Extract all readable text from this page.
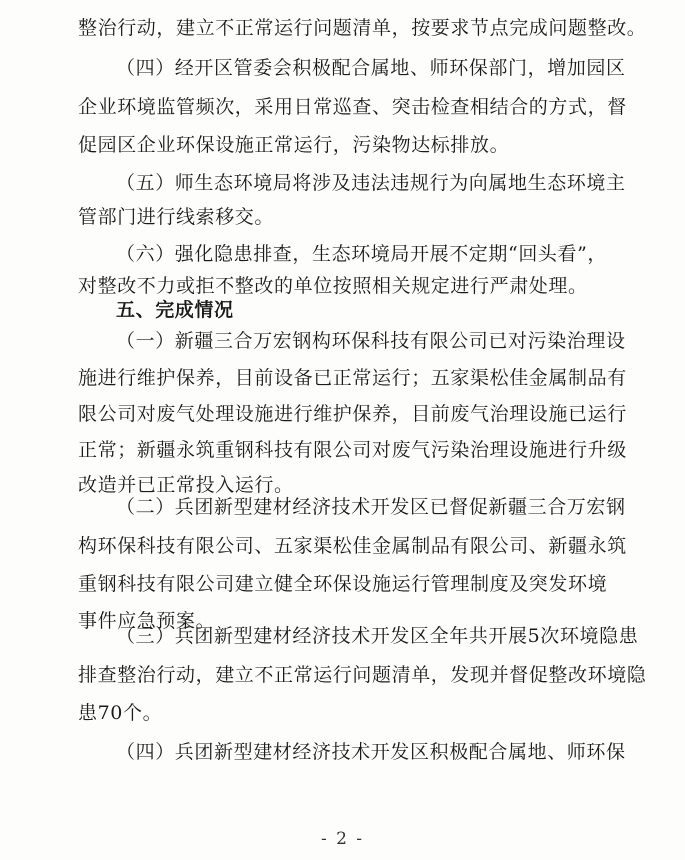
整治行动，建立不正常运行问题清单，按要求节点完成问题整改。
（四）经开区管委会积极配合属地、师环保部门，增加园区
企业环境监管频次，采用日常巡查、突击检查相结合的方式，督
促园区企业环保设施正常运行，污染物达标排放。
（五）师生态环境局将涉及违法违规行为向属地生态环境主
管部门进行线索移交。
（六）强化隐患排查，生态环境局开展不定期“回头看”，
对整改不力或拒不整改的单位按照相关规定进行严肃处理。
五、完成情况
（一）新疆三合万宏钢构环保科技有限公司已对污染治理设
施进行维护保养，目前设备已正常运行；五家渠松佳金属制品有
限公司对废气处理设施进行维护保养，目前废气治理设施已运行
正常；新疆永筑重钢科技有限公司对废气污染治理设施进行升级
改造并已正常投入运行。
（二）兵团新型建材经济技术开发区已督促新疆三合万宏钢
构环保科技有限公司、五家渠松佳金属制品有限公司、新疆永筑
重钢科技有限公司建立健全环保设施运行管理制度及突发环境
事件应急预案。
（三）兵团新型建材经济技术开发区全年共开展5次环境隐患
排查整治行动，建立不正常运行问题清单，发现并督促整改环境隐
患70个。
（四）兵团新型建材经济技术开发区积极配合属地、师环保
- 2 -
